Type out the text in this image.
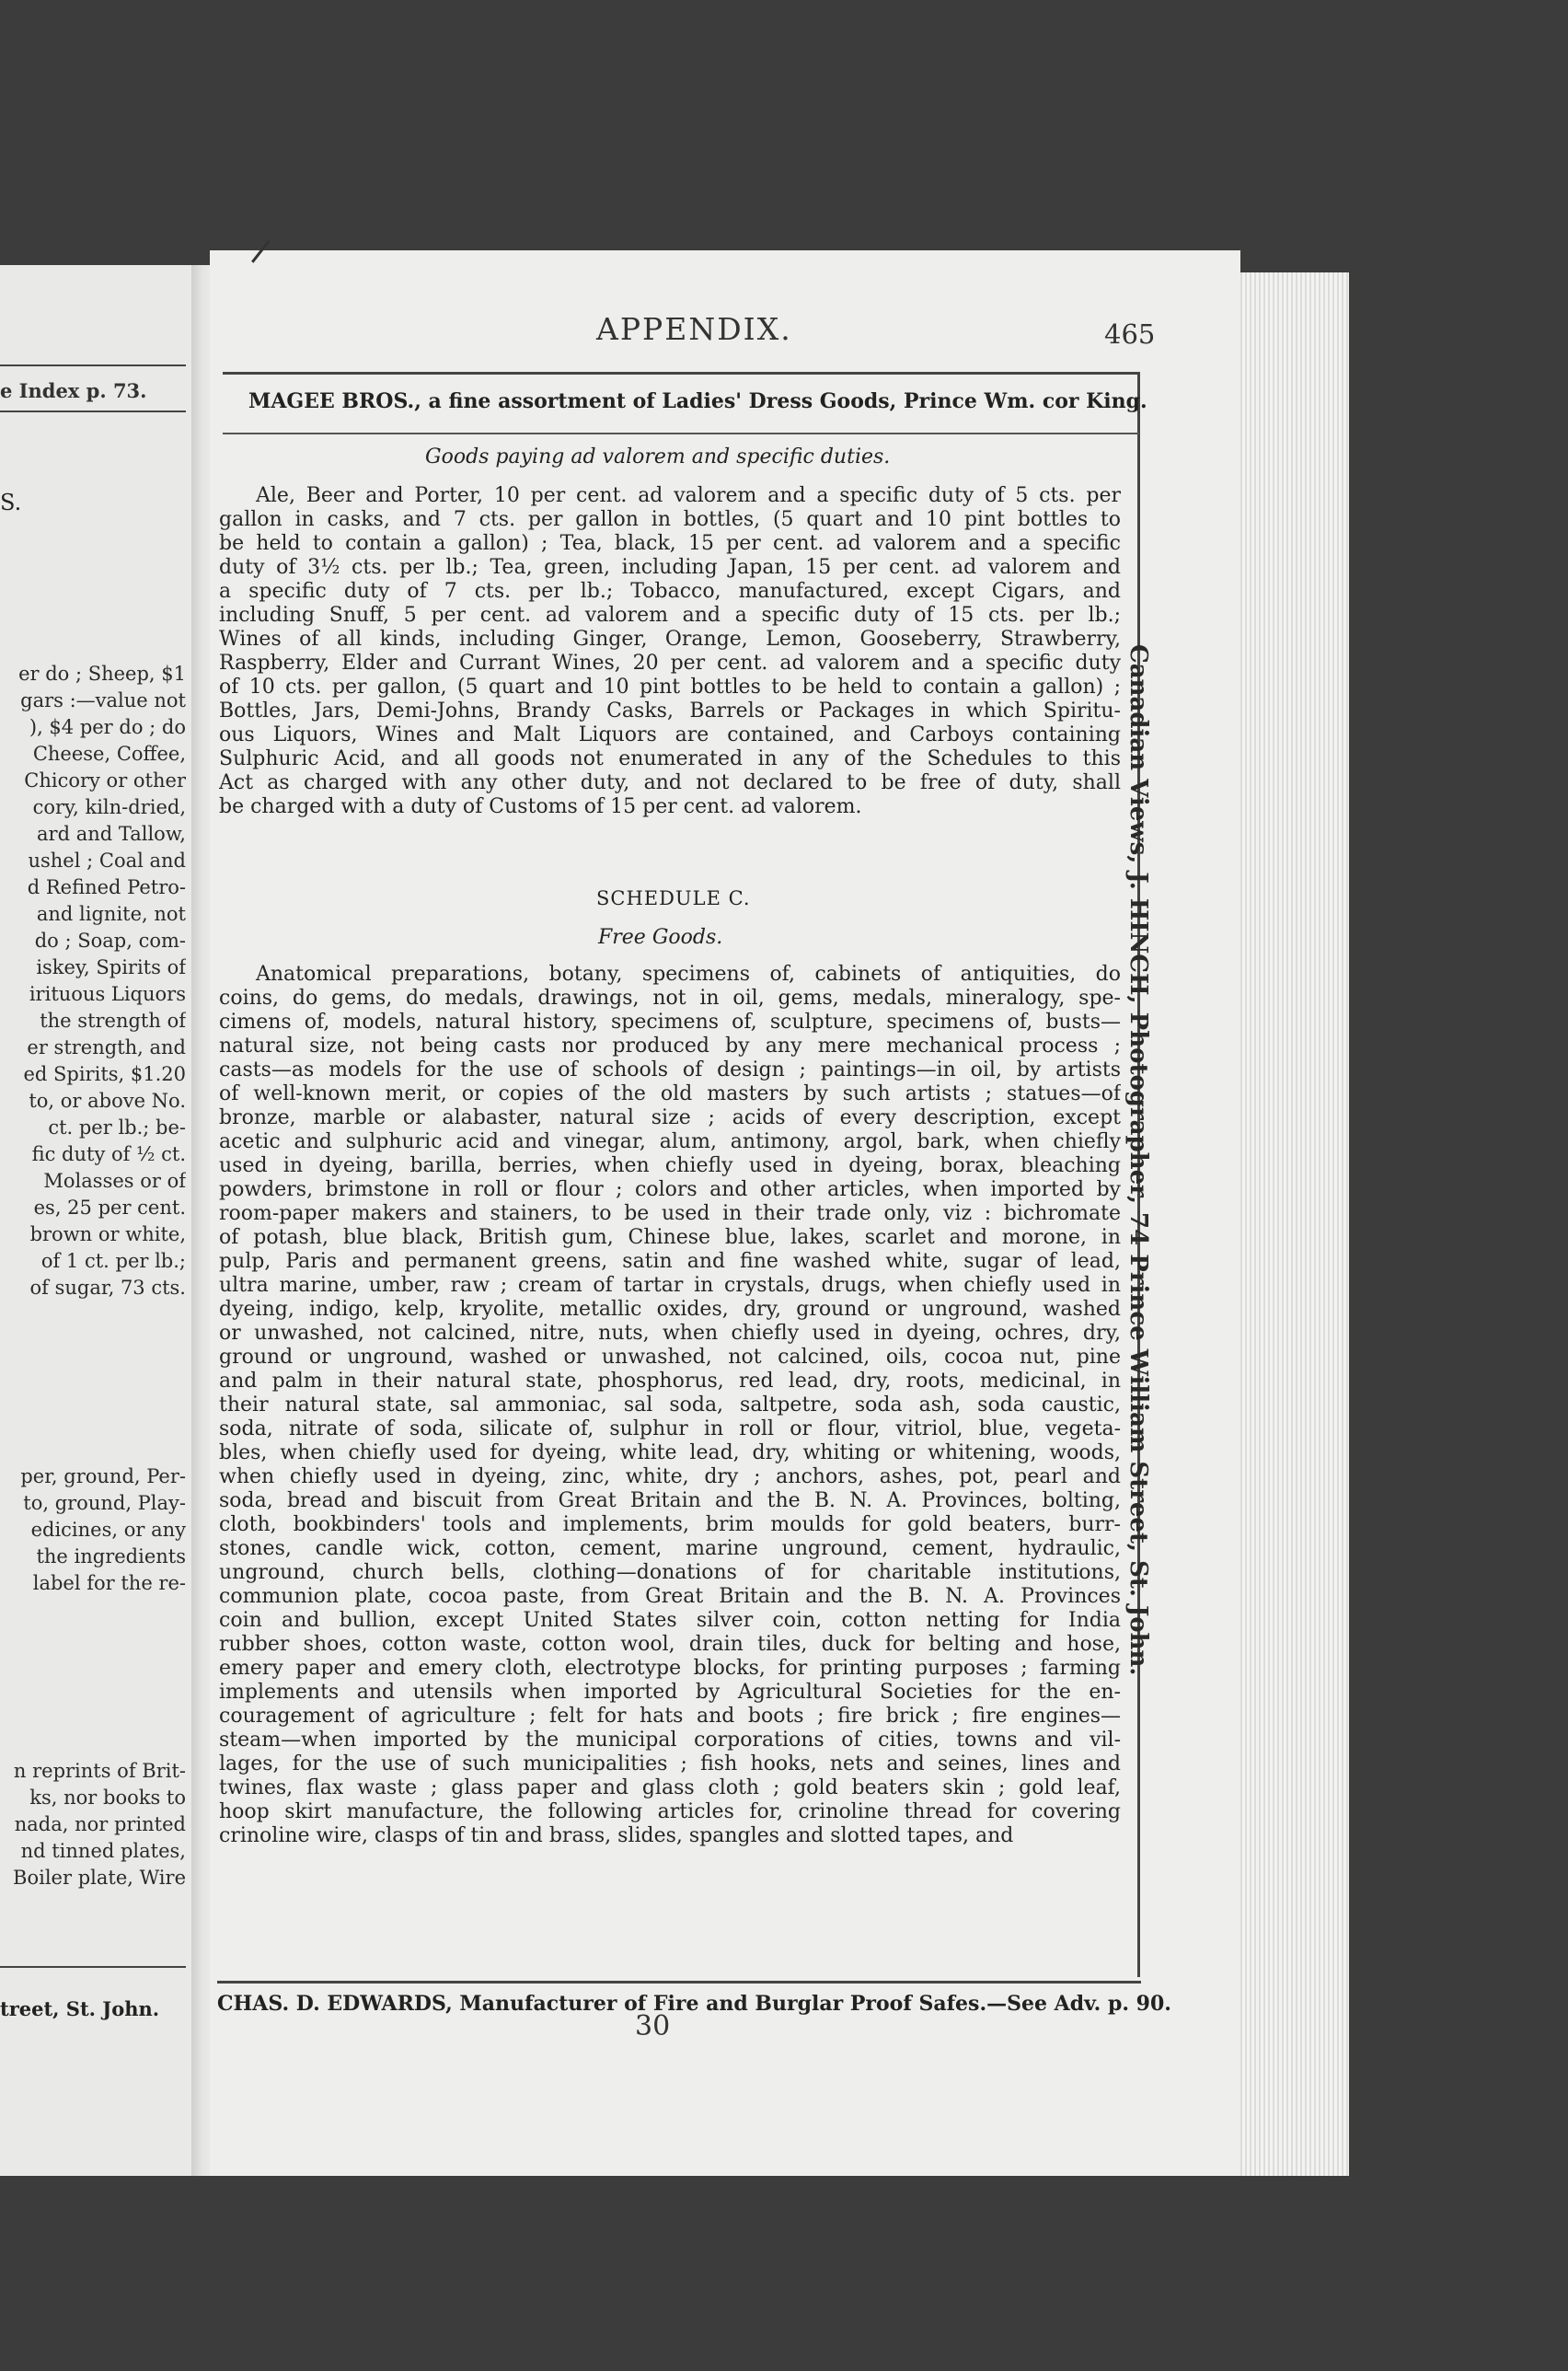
e Index p. 73.
S.
er do ; Sheep, $1
gars :—value not
), $4 per do ; do
Cheese, Coffee,
Chicory or other
cory, kiln-dried,
ard and Tallow,
ushel ; Coal and
d Refined Petro-
and lignite, not
do ; Soap, com-
iskey, Spirits of
irituous Liquors
the strength of
er strength, and
ed Spirits, $1.20
to, or above No.
ct. per lb.; be-
fic duty of ½ ct.
Molasses or of
es, 25 per cent.
brown or white,
of 1 ct. per lb.;
of sugar, 73 cts.
per, ground, Per-
to, ground, Play-
edicines, or any
the ingredients
label for the re-
n reprints of Brit-
ks, nor books to
nada, nor printed
nd tinned plates,
Boiler plate, Wire
treet, St. John.
APPENDIX.	465
MAGEE BROS., a fine assortment of Ladies' Dress Goods, Prince Wm. cor King.
Goods paying ad valorem and specific duties.
Ale, Beer and Porter, 10 per cent. ad valorem and a specific duty of 5 cts. per
gallon in casks, and 7 cts. per gallon in bottles, (5 quart and 10 pint bottles to
be held to contain a gallon) ; Tea, black, 15 per cent. ad valorem and a specific
duty of 3½ cts. per lb.; Tea, green, including Japan, 15 per cent. ad valorem and
a specific duty of 7 cts. per lb.; Tobacco, manufactured, except Cigars, and
including Snuff, 5 per cent. ad valorem and a specific duty of 15 cts. per lb.;
Wines of all kinds, including Ginger, Orange, Lemon, Gooseberry, Strawberry,
Raspberry, Elder and Currant Wines, 20 per cent. ad valorem and a specific duty
of 10 cts. per gallon, (5 quart and 10 pint bottles to be held to contain a gallon) ;
Bottles, Jars, Demi-Johns, Brandy Casks, Barrels or Packages in which Spiritu-
ous Liquors, Wines and Malt Liquors are contained, and Carboys containing
Sulphuric Acid, and all goods not enumerated in any of the Schedules to this
Act as charged with any other duty, and not declared to be free of duty, shall
be charged with a duty of Customs of 15 per cent. ad valorem.
SCHEDULE C.
Free Goods.
Anatomical preparations, botany, specimens of, cabinets of antiquities, do
coins, do gems, do medals, drawings, not in oil, gems, medals, mineralogy, spe-
cimens of, models, natural history, specimens of, sculpture, specimens of, busts—
natural size, not being casts nor produced by any mere mechanical process ;
casts—as models for the use of schools of design ; paintings—in oil, by artists
of well-known merit, or copies of the old masters by such artists ; statues—of
bronze, marble or alabaster, natural size ; acids of every description, except
acetic and sulphuric acid and vinegar, alum, antimony, argol, bark, when chiefly
used in dyeing, barilla, berries, when chiefly used in dyeing, borax, bleaching
powders, brimstone in roll or flour ; colors and other articles, when imported by
room-paper makers and stainers, to be used in their trade only, viz : bichromate
of potash, blue black, British gum, Chinese blue, lakes, scarlet and morone, in
pulp, Paris and permanent greens, satin and fine washed white, sugar of lead,
ultra marine, umber, raw ; cream of tartar in crystals, drugs, when chiefly used in
dyeing, indigo, kelp, kryolite, metallic oxides, dry, ground or unground, washed
or unwashed, not calcined, nitre, nuts, when chiefly used in dyeing, ochres, dry,
ground or unground, washed or unwashed, not calcined, oils, cocoa nut, pine
and palm in their natural state, phosphorus, red lead, dry, roots, medicinal, in
their natural state, sal ammoniac, sal soda, saltpetre, soda ash, soda caustic,
soda, nitrate of soda, silicate of, sulphur in roll or flour, vitriol, blue, vegeta-
bles, when chiefly used for dyeing, white lead, dry, whiting or whitening, woods,
when chiefly used in dyeing, zinc, white, dry ; anchors, ashes, pot, pearl and
soda, bread and biscuit from Great Britain and the B. N. A. Provinces, bolting,
cloth, bookbinders' tools and implements, brim moulds for gold beaters, burr-
stones, candle wick, cotton, cement, marine unground, cement, hydraulic,
unground, church bells, clothing—donations of for charitable institutions,
communion plate, cocoa paste, from Great Britain and the B. N. A. Provinces
coin and bullion, except United States silver coin, cotton netting for India
rubber shoes, cotton waste, cotton wool, drain tiles, duck for belting and hose,
emery paper and emery cloth, electrotype blocks, for printing purposes ; farming
implements and utensils when imported by Agricultural Societies for the en-
couragement of agriculture ; felt for hats and boots ; fire brick ; fire engines—
steam—when imported by the municipal corporations of cities, towns and vil-
lages, for the use of such municipalities ; fish hooks, nets and seines, lines and
twines, flax waste ; glass paper and glass cloth ; gold beaters skin ; gold leaf,
hoop skirt manufacture, the following articles for, crinoline thread for covering
crinoline wire, clasps of tin and brass, slides, spangles and slotted tapes, and
CHAS. D. EDWARDS, Manufacturer of Fire and Burglar Proof Safes.—See Adv. p. 90.
30
Canadian Views, J. HINCH, Photographer, 74 Prince William Street, St. John.
